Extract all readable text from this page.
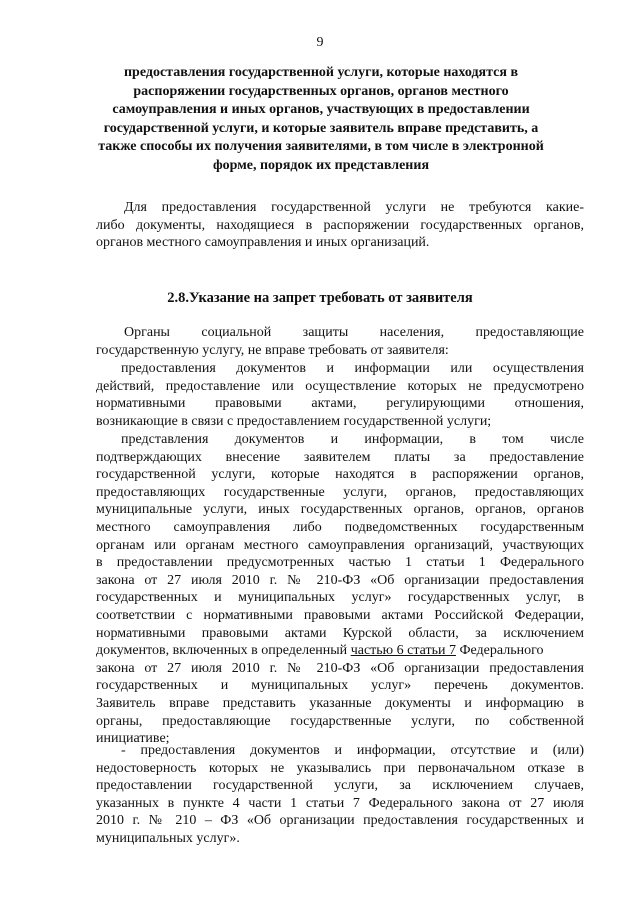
9
предоставления государственной услуги, которые находятся в
распоряжении государственных органов, органов местного
самоуправления и иных органов, участвующих в предоставлении
государственной услуги, и которые заявитель вправе представить, а
также способы их получения заявителями, в том числе в электронной
форме, порядок их представления
Для предоставления государственной услуги не требуются какие-
либо документы, находящиеся в распоряжении государственных органов,
органов местного самоуправления и иных организаций.
2.8.Указание на запрет требовать от заявителя
Органы социальной защиты населения, предоставляющие
государственную услугу, не вправе требовать от заявителя:
предоставления документов и информации или осуществления
действий, предоставление или осуществление которых не предусмотрено
нормативными правовыми актами, регулирующими отношения,
возникающие в связи с предоставлением государственной услуги;
представления документов и информации, в том числе
подтверждающих внесение заявителем платы за предоставление
государственной услуги, которые находятся в распоряжении органов,
предоставляющих государственные услуги, органов, предоставляющих
муниципальные услуги, иных государственных органов, органов, органов
местного самоуправления либо подведомственных государственным
органам или органам местного самоуправления организаций, участвующих
в предоставлении предусмотренных частью 1 статьи 1 Федерального
закона от 27 июля 2010 г. № 210-ФЗ «Об организации предоставления
государственных и муниципальных услуг» государственных услуг, в
соответствии с нормативными правовыми актами Российской Федерации,
нормативными правовыми актами Курской области, за исключением
документов, включенных в определенный частью 6 статьи 7 Федерального
закона от 27 июля 2010 г. № 210-ФЗ «Об организации предоставления
государственных и муниципальных услуг» перечень документов.
Заявитель вправе представить указанные документы и информацию в
органы, предоставляющие государственные услуги, по собственной
инициативе;
- предоставления документов и информации, отсутствие и (или)
недостоверность которых не указывались при первоначальном отказе в
предоставлении государственной услуги, за исключением случаев,
указанных в пункте 4 части 1 статьи 7 Федерального закона от 27 июля
2010 г. № 210 – ФЗ «Об организации предоставления государственных и
муниципальных услуг».
